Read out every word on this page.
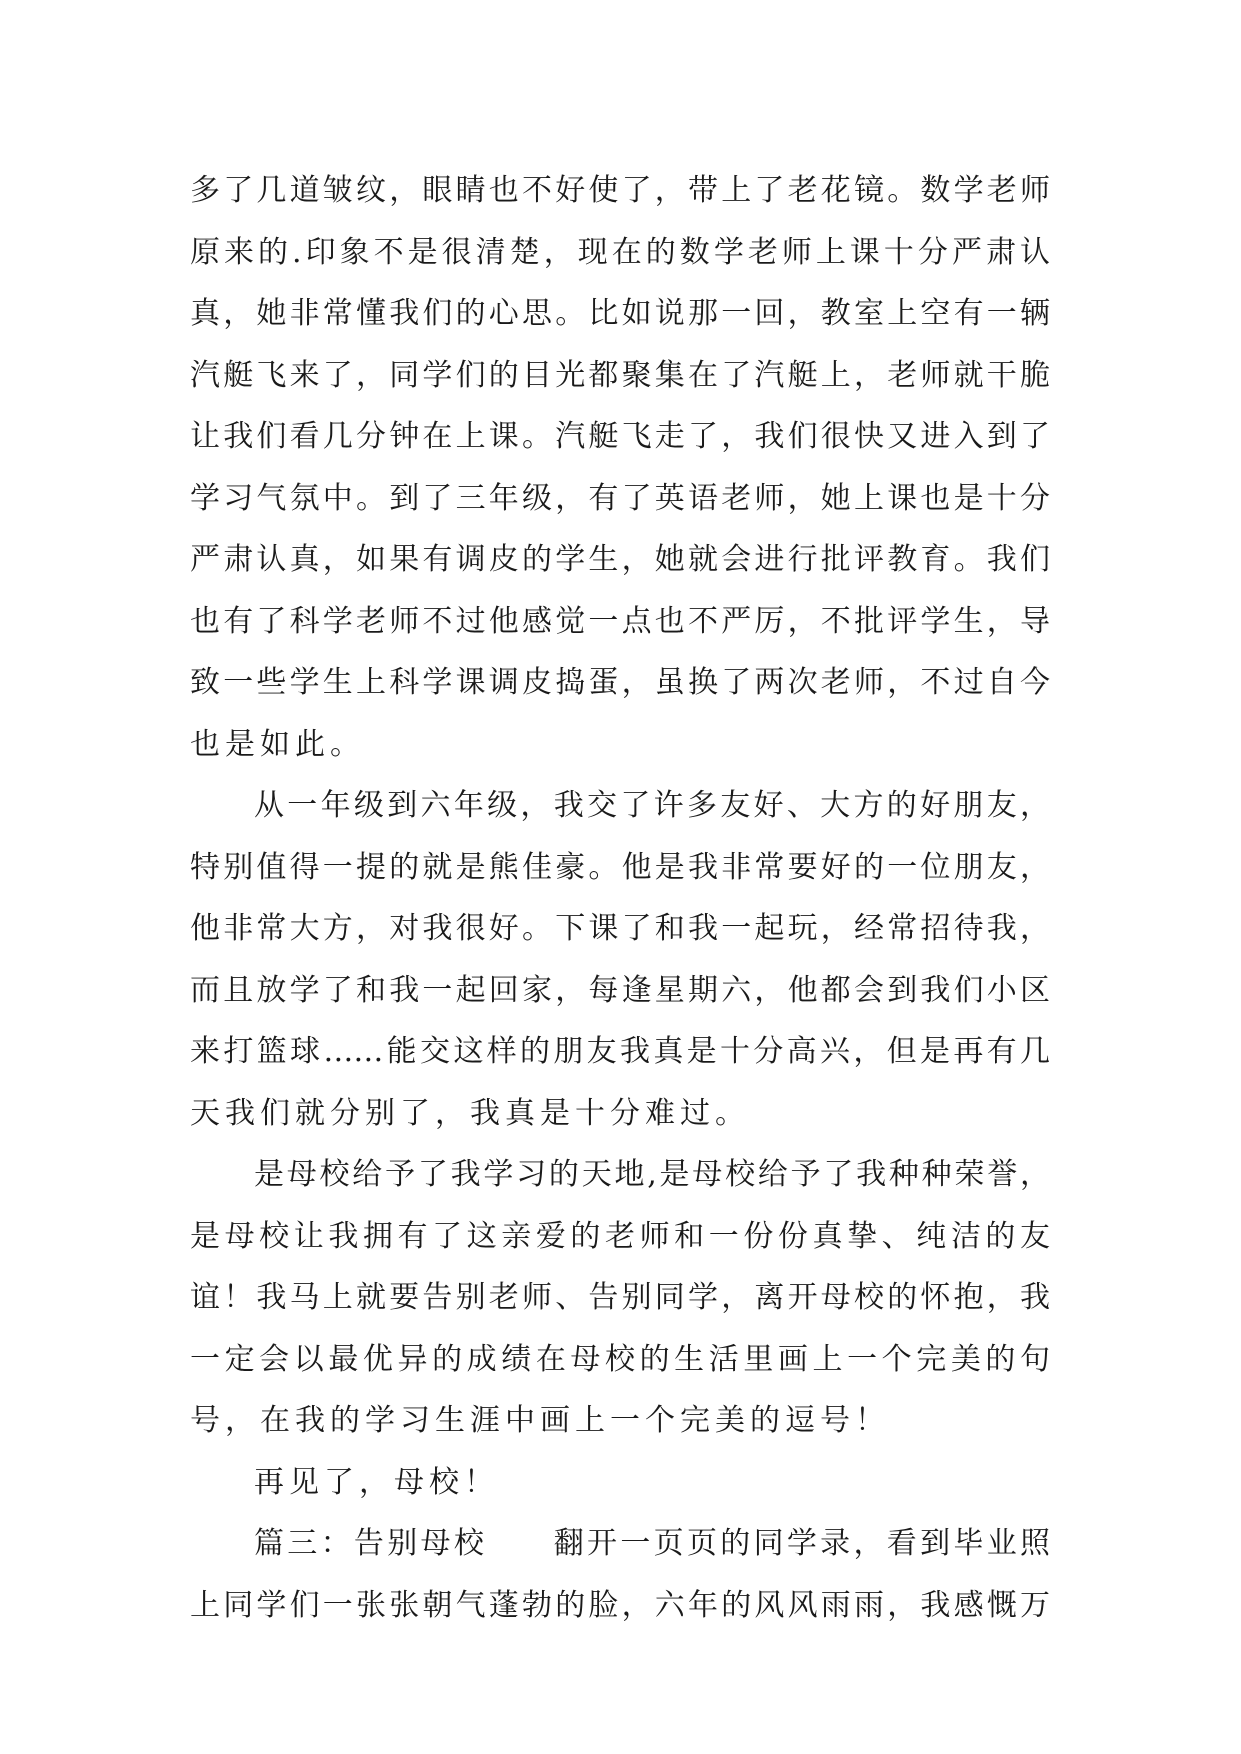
多了几道皱纹，眼睛也不好使了，带上了老花镜。数学老师
原来的.印象不是很清楚，现在的数学老师上课十分严肃认
真，她非常懂我们的心思。比如说那一回，教室上空有一辆
汽艇飞来了，同学们的目光都聚集在了汽艇上，老师就干脆
让我们看几分钟在上课。汽艇飞走了，我们很快又进入到了
学习气氛中。到了三年级，有了英语老师，她上课也是十分
严肃认真，如果有调皮的学生，她就会进行批评教育。我们
也有了科学老师不过他感觉一点也不严厉，不批评学生，导
致一些学生上科学课调皮捣蛋，虽换了两次老师，不过自今
也是如此。
从一年级到六年级，我交了许多友好、大方的好朋友，
特别值得一提的就是熊佳豪。他是我非常要好的一位朋友，
他非常大方，对我很好。下课了和我一起玩，经常招待我，
而且放学了和我一起回家，每逢星期六，他都会到我们小区
来打篮球……能交这样的朋友我真是十分高兴，但是再有几
天我们就分别了，我真是十分难过。
是母校给予了我学习的天地,是母校给予了我种种荣誉，
是母校让我拥有了这亲爱的老师和一份份真挚、纯洁的友
谊！我马上就要告别老师、告别同学，离开母校的怀抱，我
一定会以最优异的成绩在母校的生活里画上一个完美的句
号，在我的学习生涯中画上一个完美的逗号！
再见了，母校！
篇三：告别母校　　翻开一页页的同学录，看到毕业照
上同学们一张张朝气蓬勃的脸，六年的风风雨雨，我感慨万
